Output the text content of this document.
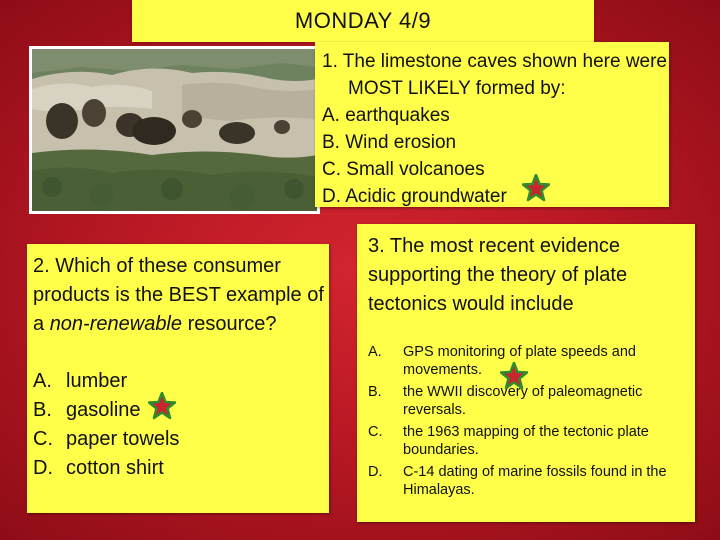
MONDAY 4/9
1. The limestone caves shown here were MOST LIKELY formed by:
A. earthquakes
B. Wind erosion
C. Small volcanoes
D. Acidic groundwater
2. Which of these consumer products is the BEST example of a non-renewable resource?
A. lumber
B. gasoline
C. paper towels
D. cotton shirt
3. The most recent evidence supporting the theory of plate tectonics would include
A.	GPS monitoring of plate speeds and movements.
B.	the WWII discovery of paleomagnetic reversals.
C.	the 1963 mapping of the tectonic plate boundaries.
D.	C-14 dating of marine fossils found in the Himalayas.
